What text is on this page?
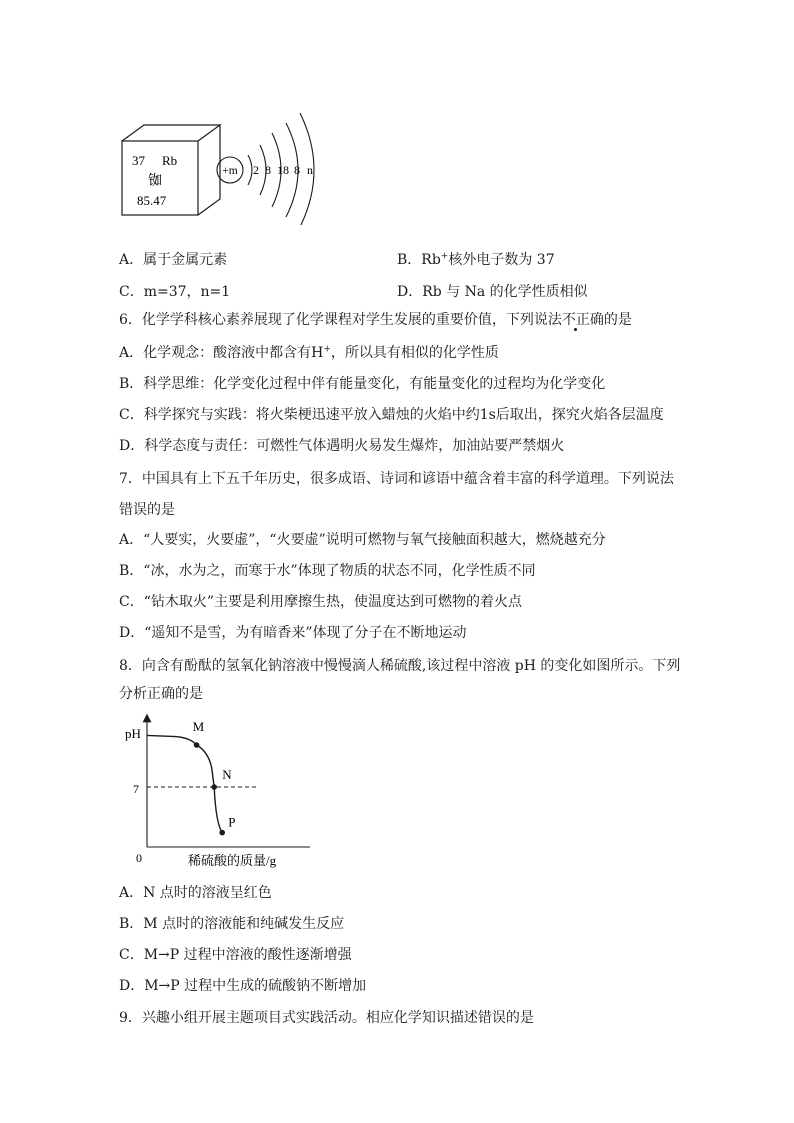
37 Rb
铷
85.47
+m 2 8 18 8 n
A．属于金属元素	B．Rb+核外电子数为 37
C．m=37，n=1	D．Rb 与 Na 的化学性质相似
6．化学学科核心素养展现了化学课程对学生发展的重要价值，下列说法不正确的是
A．化学观念：酸溶液中都含有H+，所以具有相似的化学性质
B．科学思维：化学变化过程中伴有能量变化，有能量变化的过程均为化学变化
C．科学探究与实践：将火柴梗迅速平放入蜡烛的火焰中约1s后取出，探究火焰各层温度
D．科学态度与责任：可燃性气体遇明火易发生爆炸，加油站要严禁烟火
7．中国具有上下五千年历史，很多成语、诗词和谚语中蕴含着丰富的科学道理。下列说法
错误的是
A．“人要实，火要虚”，“火要虚”说明可燃物与氧气接触面积越大，燃烧越充分
B．“冰，水为之，而寒于水”体现了物质的状态不同，化学性质不同
C．“钻木取火”主要是利用摩擦生热，使温度达到可燃物的着火点
D．“遥知不是雪，为有暗香来”体现了分子在不断地运动
8．向含有酚酞的氢氧化钠溶液中慢慢滴人稀硫酸,该过程中溶液 pH 的变化如图所示。下列
分析正确的是
pH
0
7
稀硫酸的质量/g
M
N
P
A．N 点时的溶液呈红色
B．M 点时的溶液能和纯碱发生反应
C．M→P 过程中溶液的酸性逐渐增强
D．M→P 过程中生成的硫酸钠不断增加
9．兴趣小组开展主题项目式实践活动。相应化学知识描述错误的是
